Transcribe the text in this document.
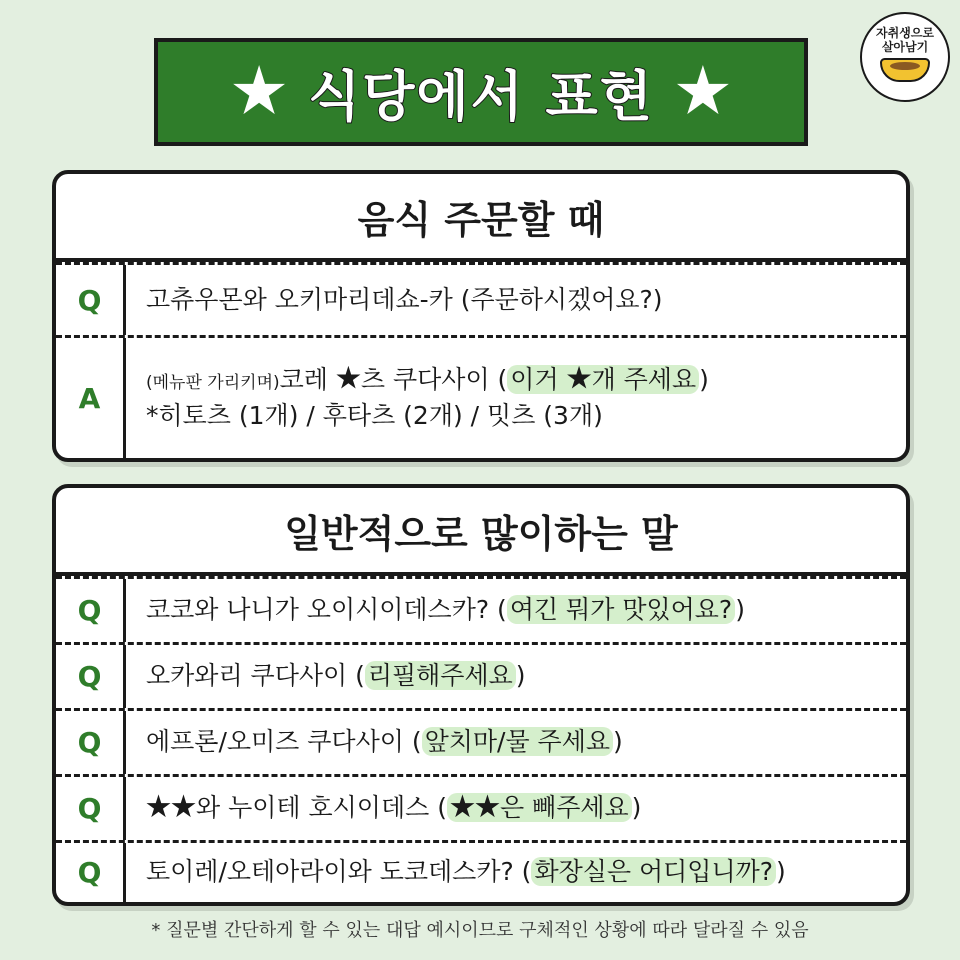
식당에서 표현
자취생으로 살아남기
음식 주문할 때
Q	고츄우몬와 오키마리데쇼-카 (주문하시겠어요?)
A	(메뉴판 가리키며)코레 츠 쿠다사이 ( 이거 개 주세요 )
*히토츠 (1개) / 후타츠 (2개) / 밋츠 (3개)
일반적으로 많이하는 말
Q	코코와 나니가 오이시이데스카? ( 여긴 뭐가 맛있어요? )
Q	오카와리 쿠다사이 ( 리필해주세요 )
Q	에프론/오미즈 쿠다사이 ( 앞치마/물 주세요 )
Q	와 누이테 호시이데스 ( 은 빼주세요 )
Q	토이레/오테아라이와 도코데스카? ( 화장실은 어디입니까? )
* 질문별 간단하게 할 수 있는 대답 예시이므로 구체적인 상황에 따라 달라질 수 있음
